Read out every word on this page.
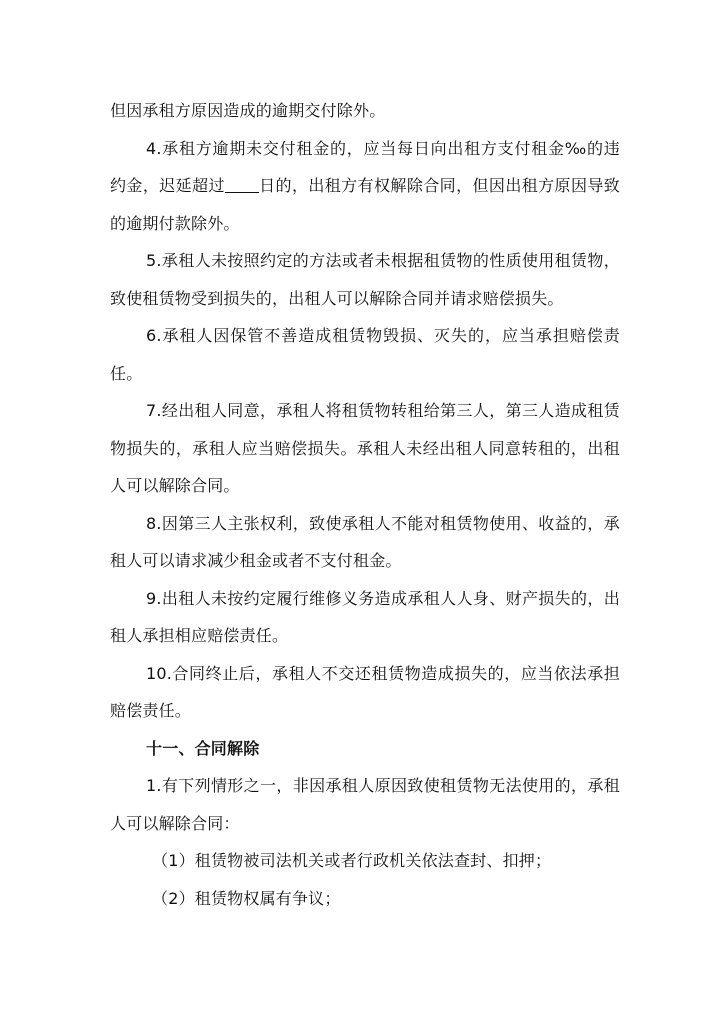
但因承租方原因造成的逾期交付除外。

4.承租方逾期未交付租金的，应当每日向出租方支付租金‰的违约金，迟延超过 日的，出租方有权解除合同，但因出租方原因导致的逾期付款除外。

5.承租人未按照约定的方法或者未根据租赁物的性质使用租赁物，致使租赁物受到损失的，出租人可以解除合同并请求赔偿损失。

6.承租人因保管不善造成租赁物毁损、灭失的，应当承担赔偿责任。

7.经出租人同意，承租人将租赁物转租给第三人，第三人造成租赁物损失的，承租人应当赔偿损失。承租人未经出租人同意转租的，出租人可以解除合同。

8.因第三人主张权利，致使承租人不能对租赁物使用、收益的，承租人可以请求减少租金或者不支付租金。

9.出租人未按约定履行维修义务造成承租人人身、财产损失的，出租人承担相应赔偿责任。

10.合同终止后，承租人不交还租赁物造成损失的，应当依法承担赔偿责任。

十一、合同解除

1.有下列情形之一，非因承租人原因致使租赁物无法使用的，承租人可以解除合同：

（1）租赁物被司法机关或者行政机关依法查封、扣押；

（2）租赁物权属有争议；
